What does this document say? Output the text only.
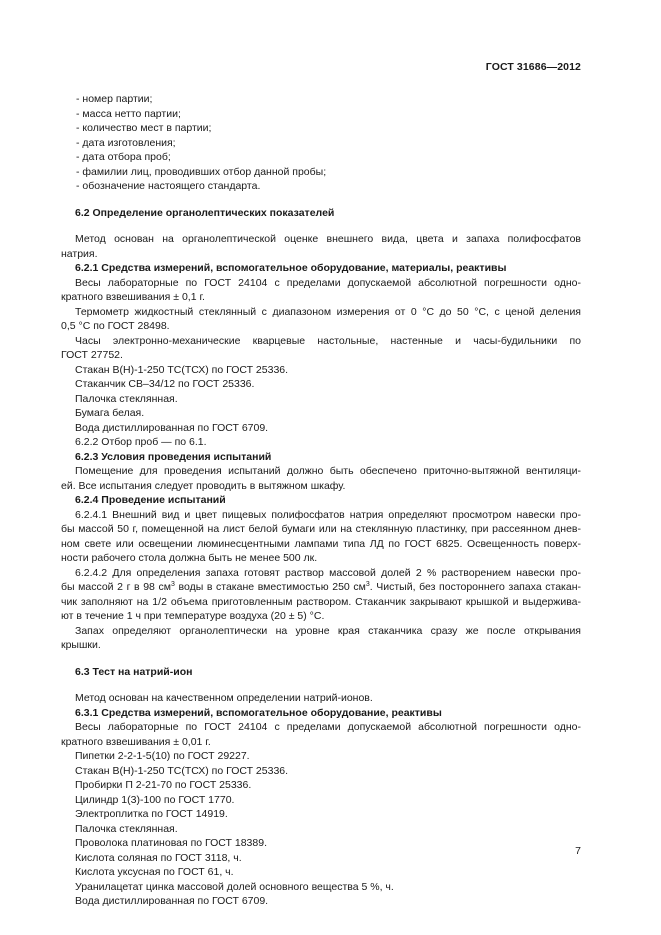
ГОСТ 31686—2012
- номер партии;
- масса нетто партии;
- количество мест в партии;
- дата изготовления;
- дата отбора проб;
- фамилии лиц, проводивших отбор данной пробы;
- обозначение настоящего стандарта.
6.2 Определение органолептических показателей
Метод основан на органолептической оценке внешнего вида, цвета и запаха полифосфатов
натрия.
6.2.1 Средства измерений, вспомогательное оборудование, материалы, реактивы
Весы лабораторные по ГОСТ 24104 с пределами допускаемой абсолютной погрешности одно-
кратного взвешивания ± 0,1 г.
Термометр жидкостный стеклянный с диапазоном измерения от 0 °С до 50 °С, с ценой деления
0,5 °С по ГОСТ 28498.
Часы электронно-механические кварцевые настольные, настенные и часы-будильники по
ГОСТ 27752.
Стакан В(Н)-1-250 ТС(ТСХ) по ГОСТ 25336.
Стаканчик СВ–34/12 по ГОСТ 25336.
Палочка стеклянная.
Бумага белая.
Вода дистиллированная по ГОСТ 6709.
6.2.2 Отбор проб — по 6.1.
6.2.3 Условия проведения испытаний
Помещение для проведения испытаний должно быть обеспечено приточно-вытяжной вентиляци-
ей. Все испытания следует проводить в вытяжном шкафу.
6.2.4 Проведение испытаний
6.2.4.1 Внешний вид и цвет пищевых полифосфатов натрия определяют просмотром навески про-
бы массой 50 г, помещенной на лист белой бумаги или на стеклянную пластинку, при рассеянном днев-
ном свете или освещении люминесцентными лампами типа ЛД по ГОСТ 6825. Освещенность поверх-
ности рабочего стола должна быть не менее 500 лк.
6.2.4.2 Для определения запаха готовят раствор массовой долей 2 % растворением навески про-
бы массой 2 г в 98 $см^3$ воды в стакане вместимостью 250 $см^3$. Чистый, без постороннего запаха стакан-
чик заполняют на 1/2 объема приготовленным раствором. Стаканчик закрывают крышкой и выдержива-
ют в течение 1 ч при температуре воздуха (20 ± 5) °С.
Запах определяют органолептически на уровне края стаканчика сразу же после открывания
крышки.
6.3 Тест на натрий-ион
Метод основан на качественном определении натрий-ионов.
6.3.1 Средства измерений, вспомогательное оборудование, реактивы
Весы лабораторные по ГОСТ 24104 с пределами допускаемой абсолютной погрешности одно-
кратного взвешивания ± 0,01 г.
Пипетки 2-2-1-5(10) по ГОСТ 29227.
Стакан В(Н)-1-250 ТС(ТСХ) по ГОСТ 25336.
Пробирки П 2-21-70 по ГОСТ 25336.
Цилиндр 1(3)-100 по ГОСТ 1770.
Электроплитка по ГОСТ 14919.
Палочка стеклянная.
Проволока платиновая по ГОСТ 18389.
Кислота соляная по ГОСТ 3118, ч.
Кислота уксусная по ГОСТ 61, ч.
Уранилацетат цинка массовой долей основного вещества 5 %, ч.
Вода дистиллированная по ГОСТ 6709.
7
